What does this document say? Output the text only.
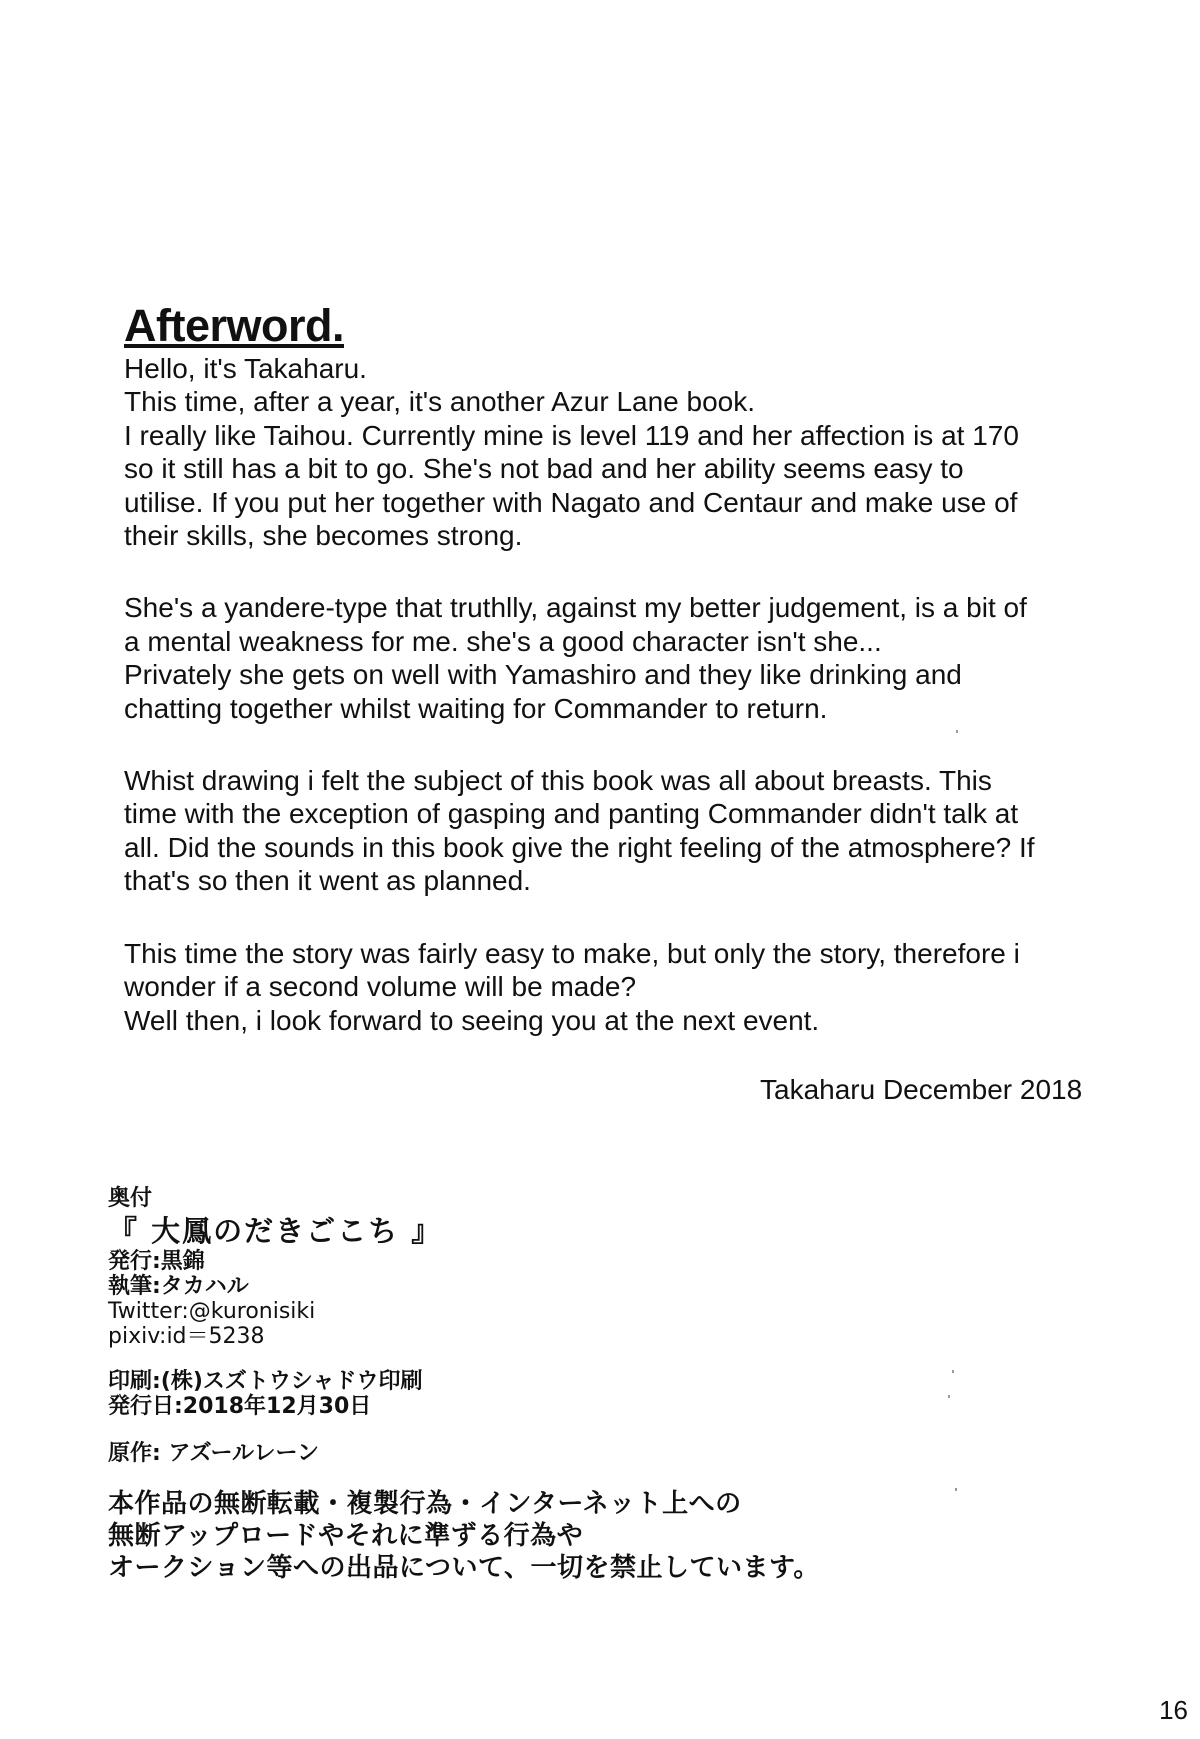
Afterword.

Hello, it's Takaharu.
This time, after a year, it's another Azur Lane book.
I really like Taihou. Currently mine is level 119 and her affection is at 170
so it still has a bit to go. She's not bad and her ability seems easy to
utilise. If you put her together with Nagato and Centaur and make use of
their skills, she becomes strong.

She's a yandere-type that truthlly, against my better judgement, is a bit of
a mental weakness for me. she's a good character isn't she...
Privately she gets on well with Yamashiro and they like drinking and
chatting together whilst waiting for Commander to return.

Whist drawing i felt the subject of this book was all about breasts. This
time with the exception of gasping and panting Commander didn't talk at
all. Did the sounds in this book give the right feeling of the atmosphere? If
that's so then it went as planned.

This time the story was fairly easy to make, but only the story, therefore i
wonder if a second volume will be made?
Well then, i look forward to seeing you at the next event.

Takaharu December 2018
奥付
『 大鳳のだきごこち 』
発行:黒錦
執筆:タカハル
Twitter:@kuronisiki
pixiv:id＝5238
印刷:(株)スズトウシャドウ印刷
発行日:2018年12月30日
原作: アズールレーン
本作品の無断転載・複製行為・インターネット上への
無断アップロードやそれに準ずる行為や
オークション等への出品について、一切を禁止しています。
16
